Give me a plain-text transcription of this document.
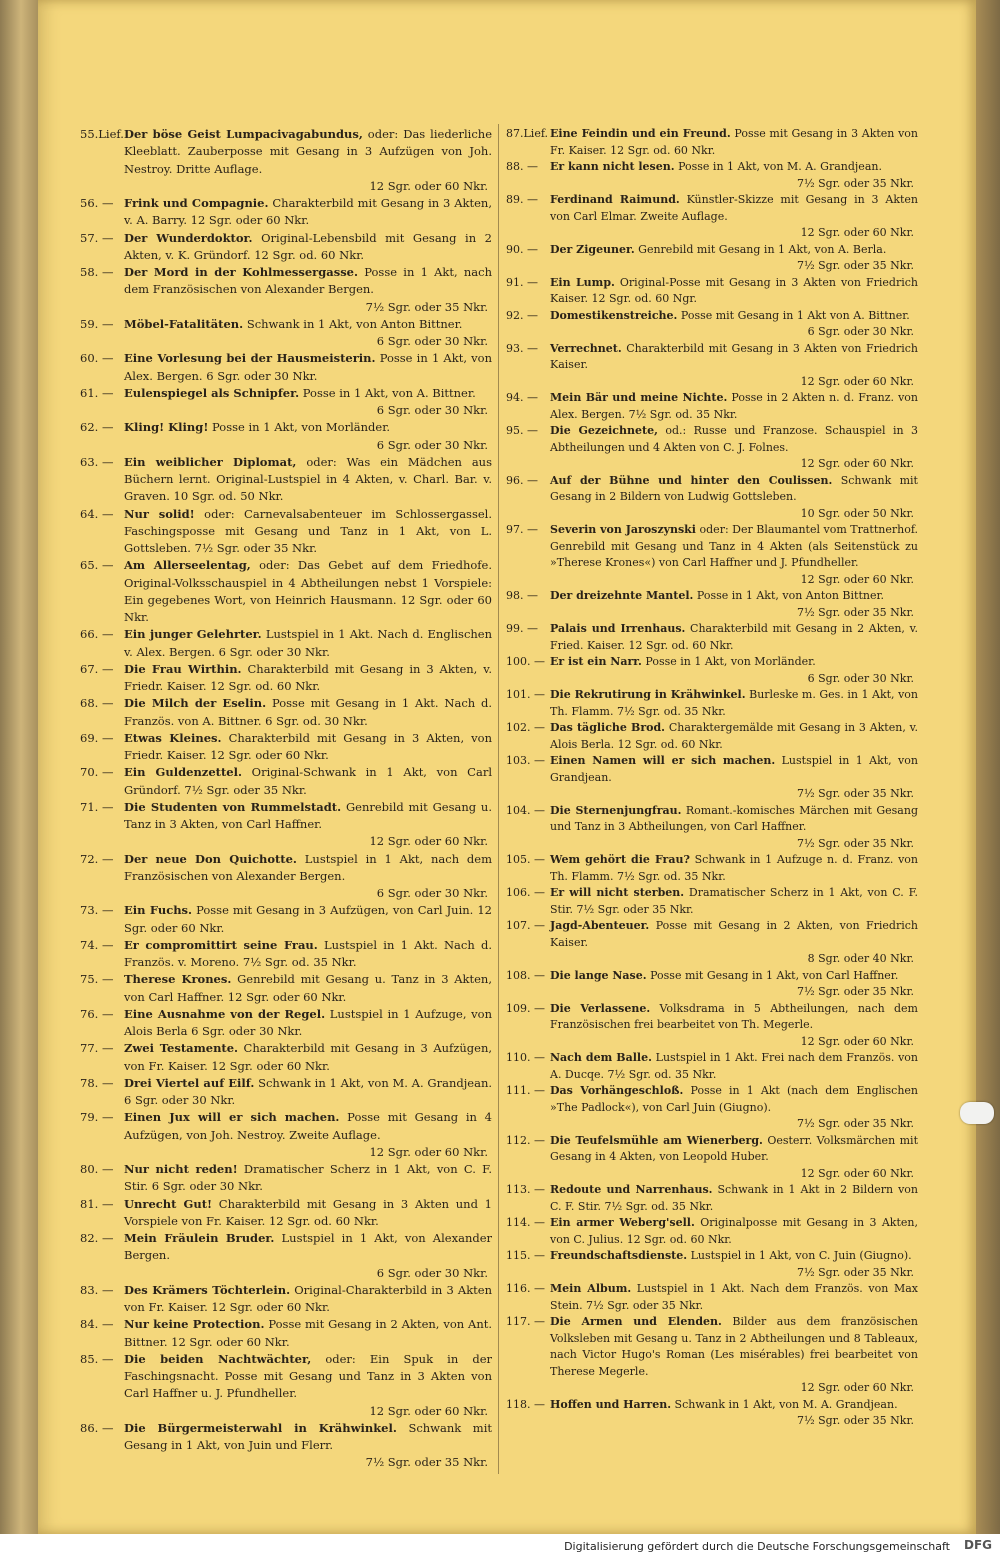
55.Lief.Der böse Geist Lumpacivagabundus, oder: Das liederliche Kleeblatt. Zauberposse mit Gesang in 3 Aufzügen von Joh. Nestroy. Dritte Auflage.
12 Sgr. oder 60 Nkr.
56. — Frink und Compagnie. Charakterbild mit Gesang in 3 Akten, v. A. Barry. 12 Sgr. oder 60 Nkr.
57. — Der Wunderdoktor. Original-Lebensbild mit Gesang in 2 Akten, v. K. Gründorf. 12 Sgr. od. 60 Nkr.
58. — Der Mord in der Kohlmessergasse. Posse in 1 Akt, nach dem Französischen von Alexander Bergen.
7½ Sgr. oder 35 Nkr.
59. — Möbel-Fatalitäten. Schwank in 1 Akt, von Anton Bittner.
6 Sgr. oder 30 Nkr.
60. — Eine Vorlesung bei der Hausmeisterin. Posse in 1 Akt, von Alex. Bergen. 6 Sgr. oder 30 Nkr.
61. — Eulenspiegel als Schnipfer. Posse in 1 Akt, von A. Bittner.
6 Sgr. oder 30 Nkr.
62. — Kling! Kling! Posse in 1 Akt, von Morländer.
6 Sgr. oder 30 Nkr.
63. — Ein weiblicher Diplomat, oder: Was ein Mädchen aus Büchern lernt. Original-Lustspiel in 4 Akten, v. Charl. Bar. v. Graven. 10 Sgr. od. 50 Nkr.
64. — Nur solid! oder: Carnevalsabenteuer im Schlossergassel. Faschingsposse mit Gesang und Tanz in 1 Akt, von L. Gottsleben. 7½ Sgr. oder 35 Nkr.
65. — Am Allerseelentag, oder: Das Gebet auf dem Friedhofe. Original-Volksschauspiel in 4 Abtheilungen nebst 1 Vorspiele: Ein gegebenes Wort, von Heinrich Hausmann. 12 Sgr. oder 60 Nkr.
66. — Ein junger Gelehrter. Lustspiel in 1 Akt. Nach d. Englischen v. Alex. Bergen. 6 Sgr. oder 30 Nkr.
67. — Die Frau Wirthin. Charakterbild mit Gesang in 3 Akten, v. Friedr. Kaiser. 12 Sgr. od. 60 Nkr.
68. — Die Milch der Eselin. Posse mit Gesang in 1 Akt. Nach d. Französ. von A. Bittner. 6 Sgr. od. 30 Nkr.
69. — Etwas Kleines. Charakterbild mit Gesang in 3 Akten, von Friedr. Kaiser. 12 Sgr. oder 60 Nkr.
70. — Ein Guldenzettel. Original-Schwank in 1 Akt, von Carl Gründorf. 7½ Sgr. oder 35 Nkr.
71. — Die Studenten von Rummelstadt. Genrebild mit Gesang u. Tanz in 3 Akten, von Carl Haffner.
12 Sgr. oder 60 Nkr.
72. — Der neue Don Quichotte. Lustspiel in 1 Akt, nach dem Französischen von Alexander Bergen.
6 Sgr. oder 30 Nkr.
73. — Ein Fuchs. Posse mit Gesang in 3 Aufzügen, von Carl Juin. 12 Sgr. oder 60 Nkr.
74. — Er compromittirt seine Frau. Lustspiel in 1 Akt. Nach d. Französ. v. Moreno. 7½ Sgr. od. 35 Nkr.
75. — Therese Krones. Genrebild mit Gesang u. Tanz in 3 Akten, von Carl Haffner. 12 Sgr. oder 60 Nkr.
76. — Eine Ausnahme von der Regel. Lustspiel in 1 Aufzuge, von Alois Berla 6 Sgr. oder 30 Nkr.
77. — Zwei Testamente. Charakterbild mit Gesang in 3 Aufzügen, von Fr. Kaiser. 12 Sgr. oder 60 Nkr.
78. — Drei Viertel auf Eilf. Schwank in 1 Akt, von M. A. Grandjean. 6 Sgr. oder 30 Nkr.
79. — Einen Jux will er sich machen. Posse mit Gesang in 4 Aufzügen, von Joh. Nestroy. Zweite Auflage.
12 Sgr. oder 60 Nkr.
80. — Nur nicht reden! Dramatischer Scherz in 1 Akt, von C. F. Stir. 6 Sgr. oder 30 Nkr.
81. — Unrecht Gut! Charakterbild mit Gesang in 3 Akten und 1 Vorspiele von Fr. Kaiser. 12 Sgr. od. 60 Nkr.
82. — Mein Fräulein Bruder. Lustspiel in 1 Akt, von Alexander Bergen.
6 Sgr. oder 30 Nkr.
83. — Des Krämers Töchterlein. Original-Charakterbild in 3 Akten von Fr. Kaiser. 12 Sgr. oder 60 Nkr.
84. — Nur keine Protection. Posse mit Gesang in 2 Akten, von Ant. Bittner. 12 Sgr. oder 60 Nkr.
85. — Die beiden Nachtwächter, oder: Ein Spuk in der Faschingsnacht. Posse mit Gesang und Tanz in 3 Akten von Carl Haffner u. J. Pfundheller.
12 Sgr. oder 60 Nkr.
86. — Die Bürgermeisterwahl in Krähwinkel. Schwank mit Gesang in 1 Akt, von Juin und Flerr.
7½ Sgr. oder 35 Nkr.
87.Lief. Eine Feindin und ein Freund. Posse mit Gesang in 3 Akten von Fr. Kaiser. 12 Sgr. od. 60 Nkr.
88. — Er kann nicht lesen. Posse in 1 Akt, von M. A. Grandjean.
7½ Sgr. oder 35 Nkr.
89. — Ferdinand Raimund. Künstler-Skizze mit Gesang in 3 Akten von Carl Elmar. Zweite Auflage.
12 Sgr. oder 60 Nkr.
90. — Der Zigeuner. Genrebild mit Gesang in 1 Akt, von A. Berla.
7½ Sgr. oder 35 Nkr.
91. — Ein Lump. Original-Posse mit Gesang in 3 Akten von Friedrich Kaiser. 12 Sgr. od. 60 Ngr.
92. — Domestikenstreiche. Posse mit Gesang in 1 Akt von A. Bittner.
6 Sgr. oder 30 Nkr.
93. — Verrechnet. Charakterbild mit Gesang in 3 Akten von Friedrich Kaiser.
12 Sgr. oder 60 Nkr.
94. — Mein Bär und meine Nichte. Posse in 2 Akten n. d. Franz. von Alex. Bergen. 7½ Sgr. od. 35 Nkr.
95. — Die Gezeichnete, od.: Russe und Franzose. Schauspiel in 3 Abtheilungen und 4 Akten von C. J. Folnes.
12 Sgr. oder 60 Nkr.
96. — Auf der Bühne und hinter den Coulissen. Schwank mit Gesang in 2 Bildern von Ludwig Gottsleben.
10 Sgr. oder 50 Nkr.
97. — Severin von Jaroszynski oder: Der Blaumantel vom Trattnerhof. Genrebild mit Gesang und Tanz in 4 Akten (als Seitenstück zu »Therese Krones«) von Carl Haffner und J. Pfundheller.
12 Sgr. oder 60 Nkr.
98. — Der dreizehnte Mantel. Posse in 1 Akt, von Anton Bittner.
7½ Sgr. oder 35 Nkr.
99. — Palais und Irrenhaus. Charakterbild mit Gesang in 2 Akten, v. Fried. Kaiser. 12 Sgr. od. 60 Nkr.
100. — Er ist ein Narr. Posse in 1 Akt, von Morländer.
6 Sgr. oder 30 Nkr.
101. — Die Rekrutirung in Krähwinkel. Burleske m. Ges. in 1 Akt, von Th. Flamm. 7½ Sgr. od. 35 Nkr.
102. — Das tägliche Brod. Charaktergemälde mit Gesang in 3 Akten, v. Alois Berla. 12 Sgr. od. 60 Nkr.
103. — Einen Namen will er sich machen. Lustspiel in 1 Akt, von Grandjean.
7½ Sgr. oder 35 Nkr.
104. — Die Sternenjungfrau. Romant.-komisches Märchen mit Gesang und Tanz in 3 Abtheilungen, von Carl Haffner.
7½ Sgr. oder 35 Nkr.
105. — Wem gehört die Frau? Schwank in 1 Aufzuge n. d. Franz. von Th. Flamm. 7½ Sgr. od. 35 Nkr.
106. — Er will nicht sterben. Dramatischer Scherz in 1 Akt, von C. F. Stir. 7½ Sgr. oder 35 Nkr.
107. — Jagd-Abenteuer. Posse mit Gesang in 2 Akten, von Friedrich Kaiser.
8 Sgr. oder 40 Nkr.
108. — Die lange Nase. Posse mit Gesang in 1 Akt, von Carl Haffner.
7½ Sgr. oder 35 Nkr.
109. — Die Verlassene. Volksdrama in 5 Abtheilungen, nach dem Französischen frei bearbeitet von Th. Megerle.
12 Sgr. oder 60 Nkr.
110. — Nach dem Balle. Lustspiel in 1 Akt. Frei nach dem Französ. von A. Ducqe. 7½ Sgr. od. 35 Nkr.
111. — Das Vorhängeschloß. Posse in 1 Akt (nach dem Englischen »The Padlock«), von Carl Juin (Giugno).
7½ Sgr. oder 35 Nkr.
112. — Die Teufelsmühle am Wienerberg. Oesterr. Volksmärchen mit Gesang in 4 Akten, von Leopold Huber.
12 Sgr. oder 60 Nkr.
113. — Redoute und Narrenhaus. Schwank in 1 Akt in 2 Bildern von C. F. Stir. 7½ Sgr. od. 35 Nkr.
114. — Ein armer Weberg'sell. Originalposse mit Gesang in 3 Akten, von C. Julius. 12 Sgr. od. 60 Nkr.
115. — Freundschaftsdienste. Lustspiel in 1 Akt, von C. Juin (Giugno).
7½ Sgr. oder 35 Nkr.
116. — Mein Album. Lustspiel in 1 Akt. Nach dem Französ. von Max Stein. 7½ Sgr. oder 35 Nkr.
117. — Die Armen und Elenden. Bilder aus dem französischen Volksleben mit Gesang u. Tanz in 2 Abtheilungen und 8 Tableaux, nach Victor Hugo's Roman (Les misérables) frei bearbeitet von Therese Megerle.
12 Sgr. oder 60 Nkr.
118. — Hoffen und Harren. Schwank in 1 Akt, von M. A. Grandjean.
7½ Sgr. oder 35 Nkr.
Digitalisierung gefördert durch die Deutsche Forschungsgemeinschaft DFG
